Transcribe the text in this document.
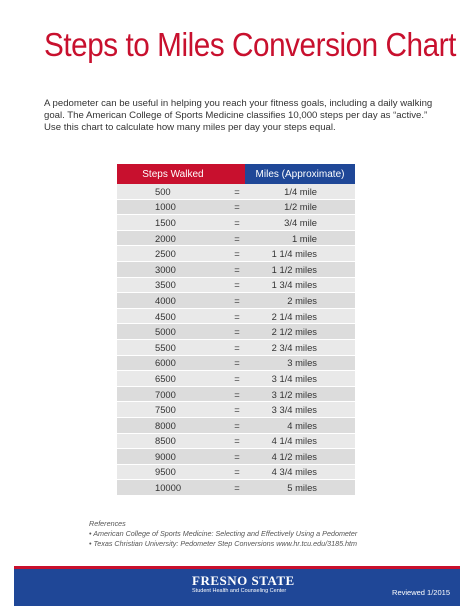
Steps to Miles Conversion Chart

A pedometer can be useful in helping you reach your fitness goals, including a daily walking goal. The American College of Sports Medicine classifies 10,000 steps per day as “active.” Use this chart to calculate how many miles per day your steps equal.

Steps Walked		Miles (Approximate)
500	=	1/4 mile
1000	=	1/2 mile
1500	=	3/4 mile
2000	=	1 mile
2500	=	1 1/4 miles
3000	=	1 1/2 miles
3500	=	1 3/4 miles
4000	=	2 miles
4500	=	2 1/4 miles
5000	=	2 1/2 miles
5500	=	2 3/4 miles
6000	=	3 miles
6500	=	3 1/4 miles
7000	=	3 1/2 miles
7500	=	3 3/4 miles
8000	=	4 miles
8500	=	4 1/4 miles
9000	=	4 1/2 miles
9500	=	4 3/4 miles
10000	=	5 miles
References
• American College of Sports Medicine: Selecting and Effectively Using a Pedometer
• Texas Christian University: Pedometer Step Conversions www.hr.tcu.edu/3185.htm
FRESNO STATE
Student Health and Counseling Center	Reviewed 1/2015
